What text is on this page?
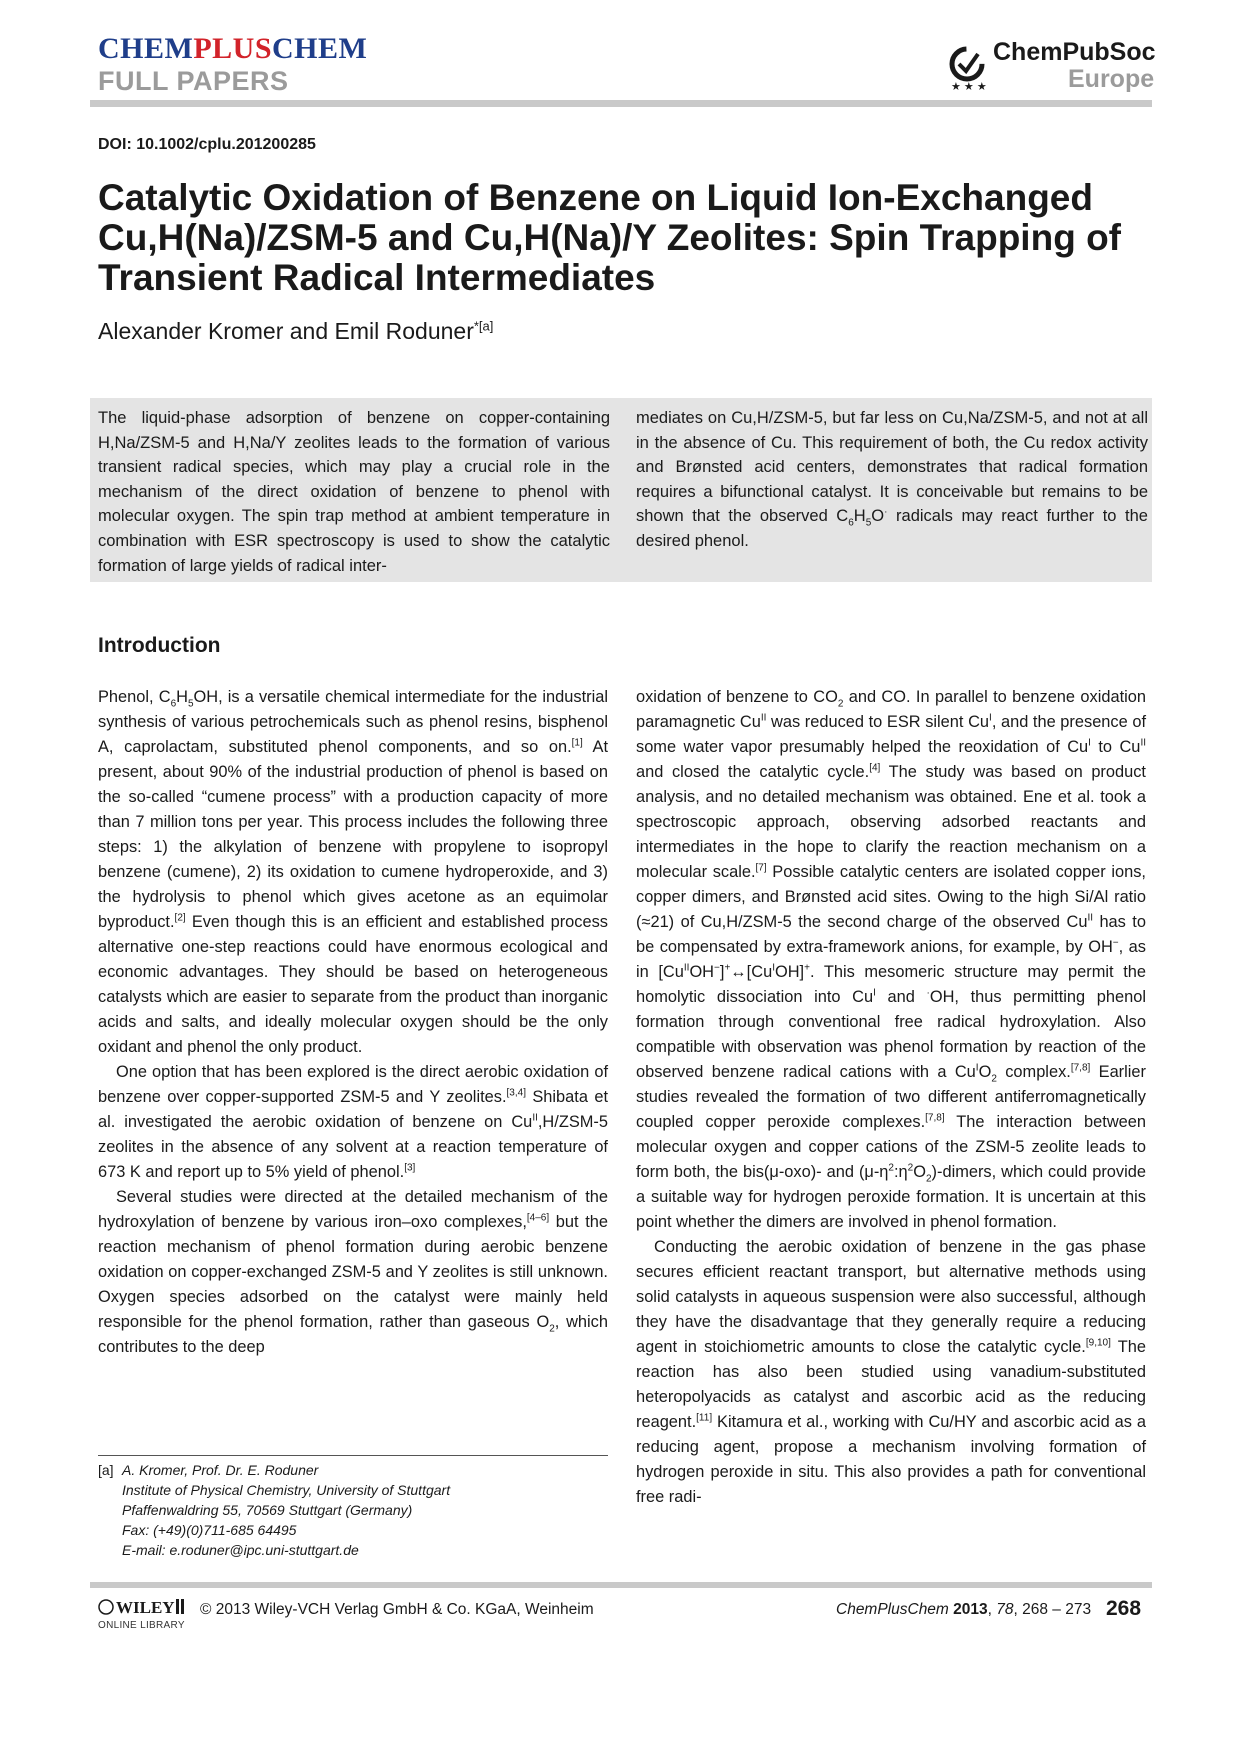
CHEMPLUSCHEM
FULL PAPERS	★ ★ ★
ChemPubSoc
Europe
DOI: 10.1002/cplu.201200285
Catalytic Oxidation of Benzene on Liquid Ion-Exchanged Cu,H(Na)/ZSM-5 and Cu,H(Na)/Y Zeolites: Spin Trapping of Transient Radical Intermediates
Alexander Kromer and Emil Roduner$^{*[a]}$
The liquid-phase adsorption of benzene on copper-containing H,Na/ZSM-5 and H,Na/Y zeolites leads to the formation of various transient radical species, which may play a crucial role in the mechanism of the direct oxidation of benzene to phenol with molecular oxygen. The spin trap method at ambient temperature in combination with ESR spectroscopy is used to show the catalytic formation of large yields of radical inter-
mediates on Cu,H/ZSM-5, but far less on Cu,Na/ZSM-5, and not at all in the absence of Cu. This requirement of both, the Cu redox activity and Brønsted acid centers, demonstrates that radical formation requires a bifunctional catalyst. It is conceivable but remains to be shown that the observed $C_6H_5O^\cdot$ radicals may react further to the desired phenol.
Introduction

Phenol, $C_6H_5OH$, is a versatile chemical intermediate for the industrial synthesis of various petrochemicals such as phenol resins, bisphenol A, caprolactam, substituted phenol components, and so on.[1] At present, about 90% of the industrial production of phenol is based on the so-called “cumene process” with a production capacity of more than 7 million tons per year. This process includes the following three steps: 1) the alkylation of benzene with propylene to isopropyl benzene (cumene), 2) its oxidation to cumene hydroperoxide, and 3) the hydrolysis to phenol which gives acetone as an equimolar byproduct.[2] Even though this is an efficient and established process alternative one-step reactions could have enormous ecological and economic advantages. They should be based on heterogeneous catalysts which are easier to separate from the product than inorganic acids and salts, and ideally molecular oxygen should be the only oxidant and phenol the only product.

One option that has been explored is the direct aerobic oxidation of benzene over copper-supported ZSM-5 and Y zeolites.[3,4] Shibata et al. investigated the aerobic oxidation of benzene on $Cu^{II},H/ZSM-5$ zeolites in the absence of any solvent at a reaction temperature of 673 K and report up to 5% yield of phenol.[3]

Several studies were directed at the detailed mechanism of the hydroxylation of benzene by various iron–oxo complexes,[4–6] but the reaction mechanism of phenol formation during aerobic benzene oxidation on copper-exchanged ZSM-5 and Y zeolites is still unknown. Oxygen species adsorbed on the catalyst were mainly held responsible for the phenol formation, rather than gaseous $O_2$, which contributes to the deep

[a] A. Kromer, Prof. Dr. E. Roduner
Institute of Physical Chemistry, University of Stuttgart
Pfaffenwaldring 55, 70569 Stuttgart (Germany)
Fax: (+49)(0)711-685 64495
E-mail: e.roduner@ipc.uni-stuttgart.de

oxidation of benzene to $CO_2$ and CO. In parallel to benzene oxidation paramagnetic $Cu^{II}$ was reduced to ESR silent $Cu^I$, and the presence of some water vapor presumably helped the reoxidation of $Cu^I$ to $Cu^{II}$ and closed the catalytic cycle.[4] The study was based on product analysis, and no detailed mechanism was obtained. Ene et al. took a spectroscopic approach, observing adsorbed reactants and intermediates in the hope to clarify the reaction mechanism on a molecular scale.[7] Possible catalytic centers are isolated copper ions, copper dimers, and Brønsted acid sites. Owing to the high Si/Al ratio (≈21) of Cu,H/ZSM-5 the second charge of the observed $Cu^{II}$ has to be compensated by extra-framework anions, for example, by OH−, as in $[Cu^{II}OH^-]^+\leftrightarrow[Cu^IOH]^+$. This mesomeric structure may permit the homolytic dissociation into $Cu^I$ and ·OH, thus permitting phenol formation through conventional free radical hydroxylation. Also compatible with observation was phenol formation by reaction of the observed benzene radical cations with a $Cu^IO_2$ complex.[7,8] Earlier studies revealed the formation of two different antiferromagnetically coupled copper peroxide complexes.[7,8] The interaction between molecular oxygen and copper cations of the ZSM-5 zeolite leads to form both, the bis(μ-oxo)- and $(\mu-\eta^2:\eta^2O_2)$-dimers, which could provide a suitable way for hydrogen peroxide formation. It is uncertain at this point whether the dimers are involved in phenol formation.

Conducting the aerobic oxidation of benzene in the gas phase secures efficient reactant transport, but alternative methods using solid catalysts in aqueous suspension were also successful, although they have the disadvantage that they generally require a reducing agent in stoichiometric amounts to close the catalytic cycle.[9,10] The reaction has also been studied using vanadium-substituted heteropolyacids as catalyst and ascorbic acid as the reducing reagent.[11] Kitamura et al., working with Cu/HY and ascorbic acid as a reducing agent, propose a mechanism involving formation of hydrogen peroxide in situ. This also provides a path for conventional free radi-

WILEY
ONLINE LIBRARY
© 2013 Wiley-VCH Verlag GmbH & Co. KGaA, Weinheim	ChemPlusChem 2013, 78, 268 – 273 268
